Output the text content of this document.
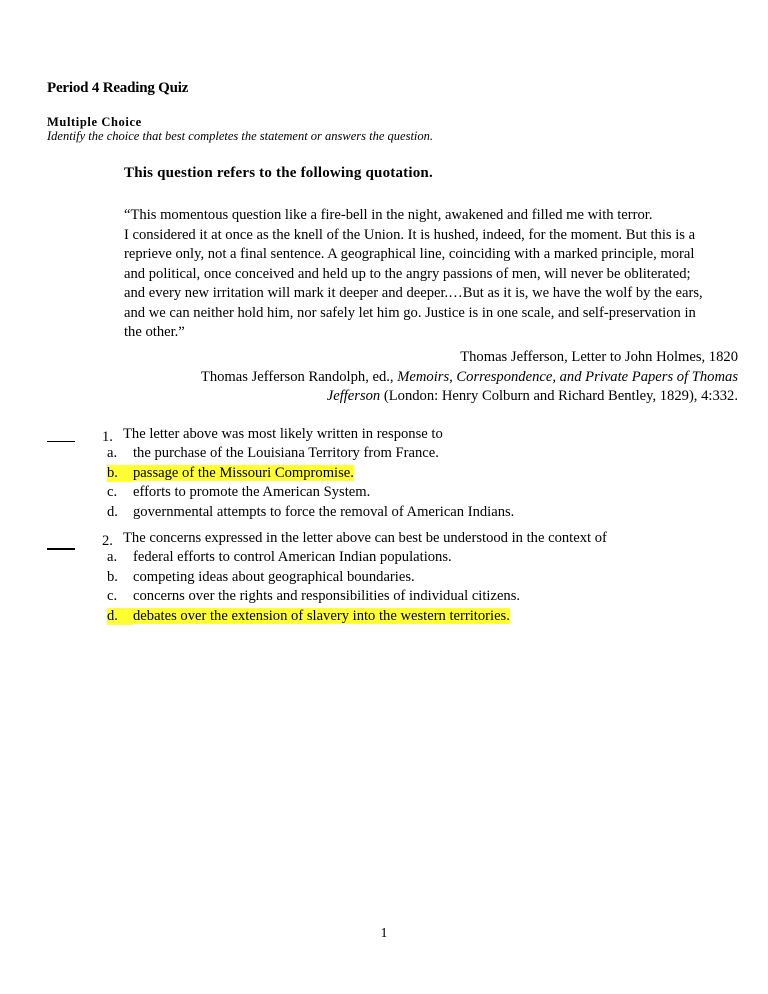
Period 4 Reading Quiz
Multiple Choice
Identify the choice that best completes the statement or answers the question.
This question refers to the following quotation.
“This momentous question like a fire-bell in the night, awakened and filled me with terror.
I considered it at once as the knell of the Union. It is hushed, indeed, for the moment. But this is a
reprieve only, not a final sentence. A geographical line, coinciding with a marked principle, moral
and political, once conceived and held up to the angry passions of men, will never be obliterated;
and every new irritation will mark it deeper and deeper.…But as it is, we have the wolf by the ears,
and we can neither hold him, nor safely let him go. Justice is in one scale, and self-preservation in
the other.”
Thomas Jefferson, Letter to John Holmes, 1820
Thomas Jefferson Randolph, ed., Memoirs, Correspondence, and Private Papers of Thomas
Jefferson (London: Henry Colburn and Richard Bentley, 1829), 4:332.
1. The letter above was most likely written in response to
a. the purchase of the Louisiana Territory from France.
b. passage of the Missouri Compromise.
c. efforts to promote the American System.
d. governmental attempts to force the removal of American Indians.
2. The concerns expressed in the letter above can best be understood in the context of
a. federal efforts to control American Indian populations.
b. competing ideas about geographical boundaries.
c. concerns over the rights and responsibilities of individual citizens.
d. debates over the extension of slavery into the western territories.
1
